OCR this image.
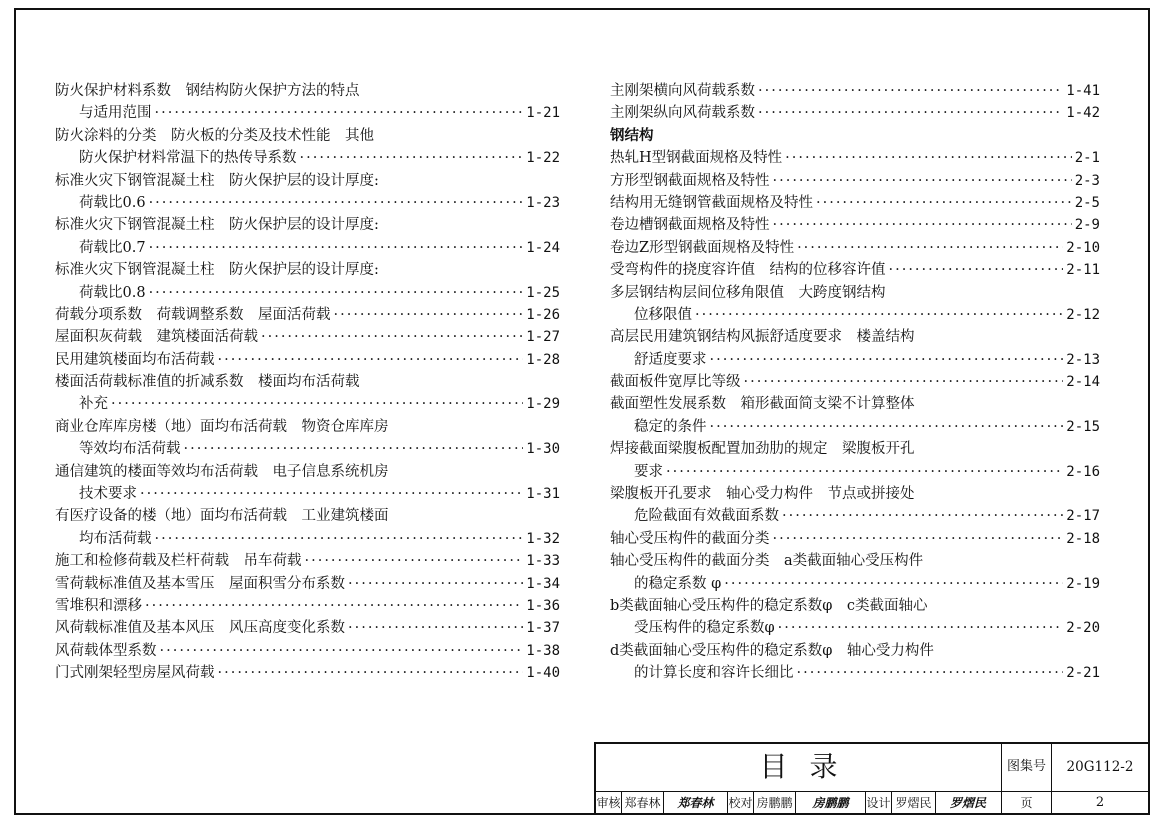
防火保护材料系数　钢结构防火保护方法的特点
与适用范围 ·····	1-21
防火涂料的分类　防火板的分类及技术性能　其他
防火保护材料常温下的热传导系数 ·····	1-22
标准火灾下钢管混凝土柱　防火保护层的设计厚度:
荷载比0.6 ·····	1-23
标准火灾下钢管混凝土柱　防火保护层的设计厚度:
荷载比0.7 ·····	1-24
标准火灾下钢管混凝土柱　防火保护层的设计厚度:
荷载比0.8 ·····	1-25
荷载分项系数　荷载调整系数　屋面活荷载 ·····	1-26
屋面积灰荷载　建筑楼面活荷载 ·····	1-27
民用建筑楼面均布活荷载 ·····	1-28
楼面活荷载标准值的折减系数　楼面均布活荷载
补充 ·····	1-29
商业仓库库房楼（地）面均布活荷载　物资仓库库房
等效均布活荷载 ·····	1-30
通信建筑的楼面等效均布活荷载　电子信息系统机房
技术要求 ·····	1-31
有医疗设备的楼（地）面均布活荷载　工业建筑楼面
均布活荷载 ·····	1-32
施工和检修荷载及栏杆荷载　吊车荷载 ·····	1-33
雪荷载标准值及基本雪压　屋面积雪分布系数 ·····	1-34
雪堆积和漂移 ·····	1-36
风荷载标准值及基本风压　风压高度变化系数 ·····	1-37
风荷载体型系数 ·····	1-38
门式刚架轻型房屋风荷载 ·····	1-40
主刚架横向风荷载系数 ·····	1-41
主刚架纵向风荷载系数 ·····	1-42
钢结构
热轧H型钢截面规格及特性 ·····	2-1
方形型钢截面规格及特性 ·····	2-3
结构用无缝钢管截面规格及特性 ·····	2-5
卷边槽钢截面规格及特性 ·····	2-9
卷边Z形型钢截面规格及特性 ·····	2-10
受弯构件的挠度容许值　结构的位移容许值 ·····	2-11
多层钢结构层间位移角限值　大跨度钢结构
位移限值 ·····	2-12
高层民用建筑钢结构风振舒适度要求　楼盖结构
舒适度要求 ·····	2-13
截面板件宽厚比等级 ·····	2-14
截面塑性发展系数　箱形截面简支梁不计算整体
稳定的条件 ·····	2-15
焊接截面梁腹板配置加劲肋的规定　梁腹板开孔
要求 ·····	2-16
梁腹板开孔要求　轴心受力构件　节点或拼接处
危险截面有效截面系数 ·····	2-17
轴心受压构件的截面分类 ·····	2-18
轴心受压构件的截面分类　a类截面轴心受压构件
的稳定系数 φ ·····	2-19
b类截面轴心受压构件的稳定系数φ　c类截面轴心
受压构件的稳定系数φ ·····	2-20
d类截面轴心受压构件的稳定系数φ　轴心受力构件
的计算长度和容许长细比 ·····	2-21
目录	图集号	20G112-2
审核 郑春林	郑春林	校对 房鹏鹏	房鹏鹏	设计 罗熠民	罗熠民	页	2
